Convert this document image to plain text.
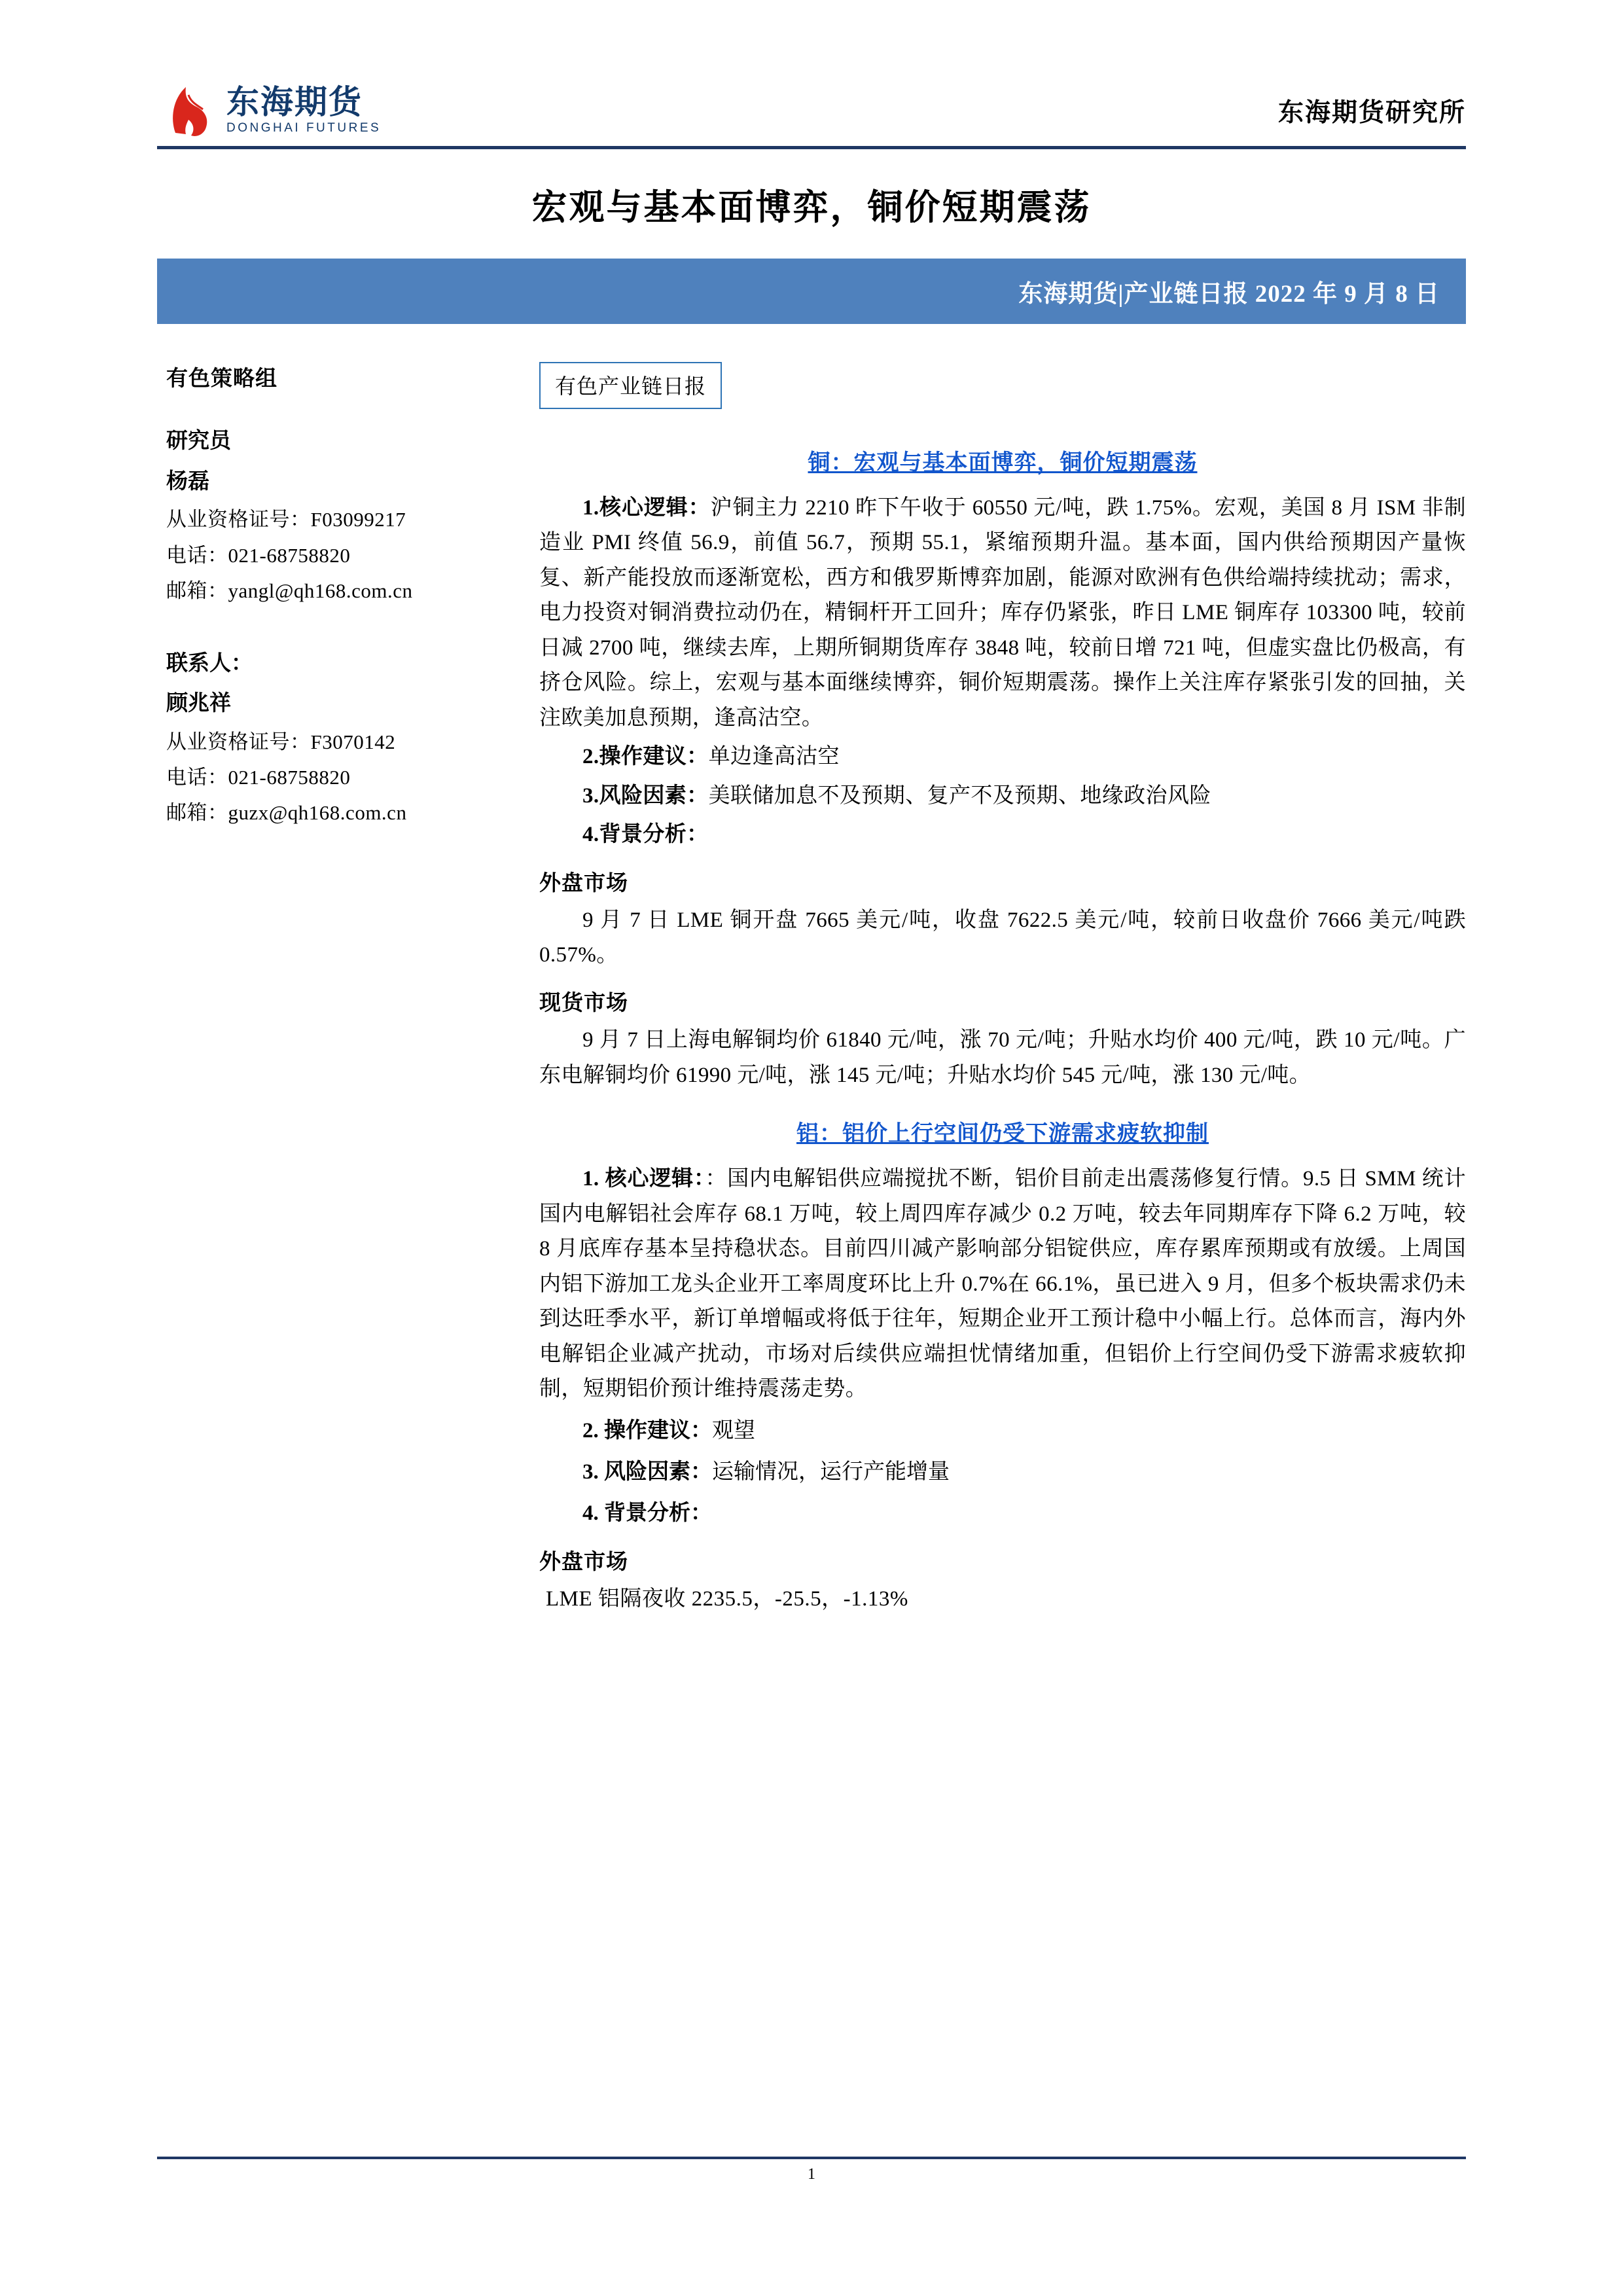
东海期货
DONGHAI FUTURES
东海期货研究所
宏观与基本面博弈，铜价短期震荡
东海期货|产业链日报 2022 年 9 月 8 日
有色策略组
研究员
杨磊
从业资格证号：F03099217
电话：021-68758820
邮箱：yangl@qh168.com.cn
联系人：
顾兆祥
从业资格证号：F3070142
电话：021-68758820
邮箱：guzx@qh168.com.cn
有色产业链日报
铜：宏观与基本面博弈，铜价短期震荡

1.核心逻辑：沪铜主力 2210 昨下午收于 60550 元/吨，跌 1.75%。宏观，美国 8 月 ISM 非制造业 PMI 终值 56.9，前值 56.7，预期 55.1，紧缩预期升温。基本面，国内供给预期因产量恢复、新产能投放而逐渐宽松，西方和俄罗斯博弈加剧，能源对欧洲有色供给端持续扰动；需求，电力投资对铜消费拉动仍在，精铜杆开工回升；库存仍紧张，昨日 LME 铜库存 103300 吨，较前日减 2700 吨，继续去库，上期所铜期货库存 3848 吨，较前日增 721 吨，但虚实盘比仍极高，有挤仓风险。综上，宏观与基本面继续博弈，铜价短期震荡。操作上关注库存紧张引发的回抽，关注欧美加息预期，逢高沽空。

2.操作建议：单边逢高沽空

3.风险因素：美联储加息不及预期、复产不及预期、地缘政治风险

4.背景分析：

外盘市场

9 月 7 日 LME 铜开盘 7665 美元/吨，收盘 7622.5 美元/吨，较前日收盘价 7666 美元/吨跌 0.57%。

现货市场

9 月 7 日上海电解铜均价 61840 元/吨，涨 70 元/吨；升贴水均价 400 元/吨，跌 10 元/吨。广东电解铜均价 61990 元/吨，涨 145 元/吨；升贴水均价 545 元/吨，涨 130 元/吨。

铝：铝价上行空间仍受下游需求疲软抑制

1. 核心逻辑：：国内电解铝供应端搅扰不断，铝价目前走出震荡修复行情。9.5 日 SMM 统计国内电解铝社会库存 68.1 万吨，较上周四库存减少 0.2 万吨，较去年同期库存下降 6.2 万吨，较 8 月底库存基本呈持稳状态。目前四川减产影响部分铝锭供应，库存累库预期或有放缓。上周国内铝下游加工龙头企业开工率周度环比上升 0.7%在 66.1%，虽已进入 9 月，但多个板块需求仍未到达旺季水平，新订单增幅或将低于往年，短期企业开工预计稳中小幅上行。总体而言，海内外电解铝企业减产扰动，市场对后续供应端担忧情绪加重，但铝价上行空间仍受下游需求疲软抑制，短期铝价预计维持震荡走势。

2. 操作建议：观望

3. 风险因素：运输情况，运行产能增量

4. 背景分析：

外盘市场

LME 铝隔夜收 2235.5，-25.5，-1.13%

1
